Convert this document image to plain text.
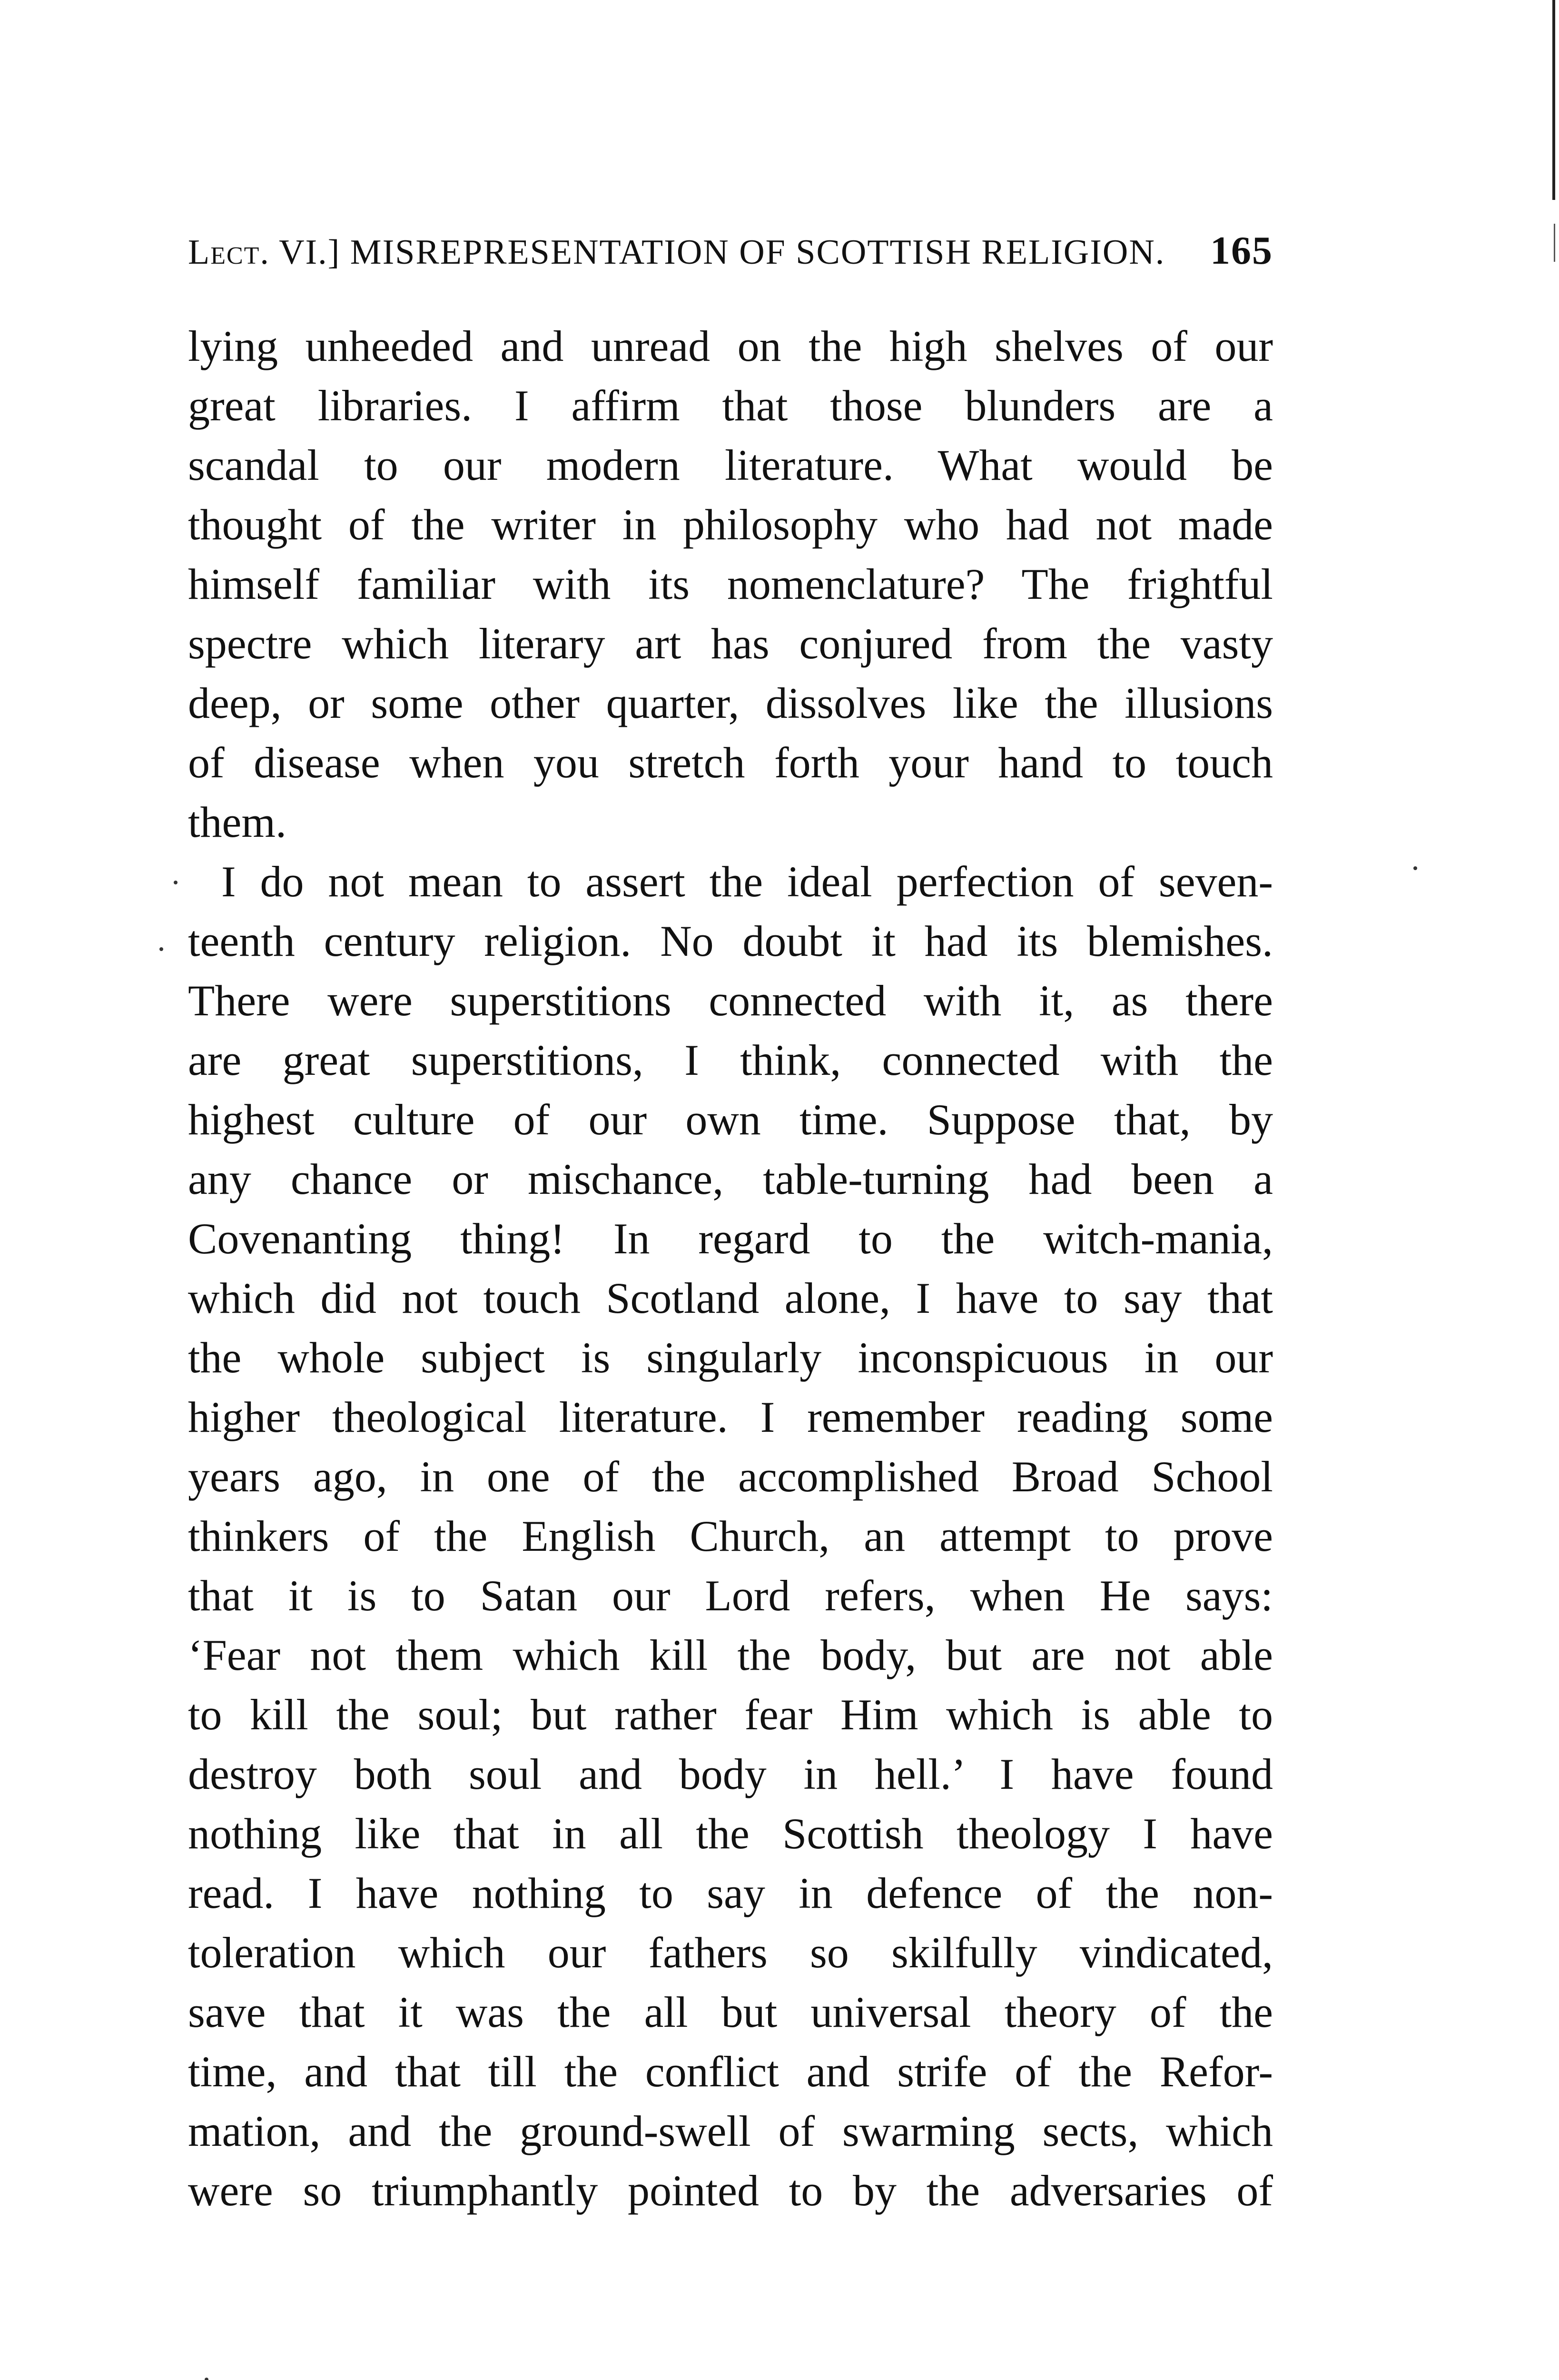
Lect. VI.] MISREPRESENTATION OF SCOTTISH RELIGION. 165
lying unheeded and unread on the high shelves of our
great libraries. I affirm that those blunders are a
scandal to our modern literature. What would be
thought of the writer in philosophy who had not made
himself familiar with its nomenclature? The frightful
spectre which literary art has conjured from the vasty
deep, or some other quarter, dissolves like the illusions
of disease when you stretch forth your hand to touch
them.
I do not mean to assert the ideal perfection of seven-
teenth century religion. No doubt it had its blemishes.
There were superstitions connected with it, as there
are great superstitions, I think, connected with the
highest culture of our own time. Suppose that, by
any chance or mischance, table-turning had been a
Covenanting thing! In regard to the witch-mania,
which did not touch Scotland alone, I have to say that
the whole subject is singularly inconspicuous in our
higher theological literature. I remember reading some
years ago, in one of the accomplished Broad School
thinkers of the English Church, an attempt to prove
that it is to Satan our Lord refers, when He says:
‘Fear not them which kill the body, but are not able
to kill the soul; but rather fear Him which is able to
destroy both soul and body in hell.’ I have found
nothing like that in all the Scottish theology I have
read. I have nothing to say in defence of the non-
toleration which our fathers so skilfully vindicated,
save that it was the all but universal theory of the
time, and that till the conflict and strife of the Refor-
mation, and the ground-swell of swarming sects, which
were so triumphantly pointed to by the adversaries of
